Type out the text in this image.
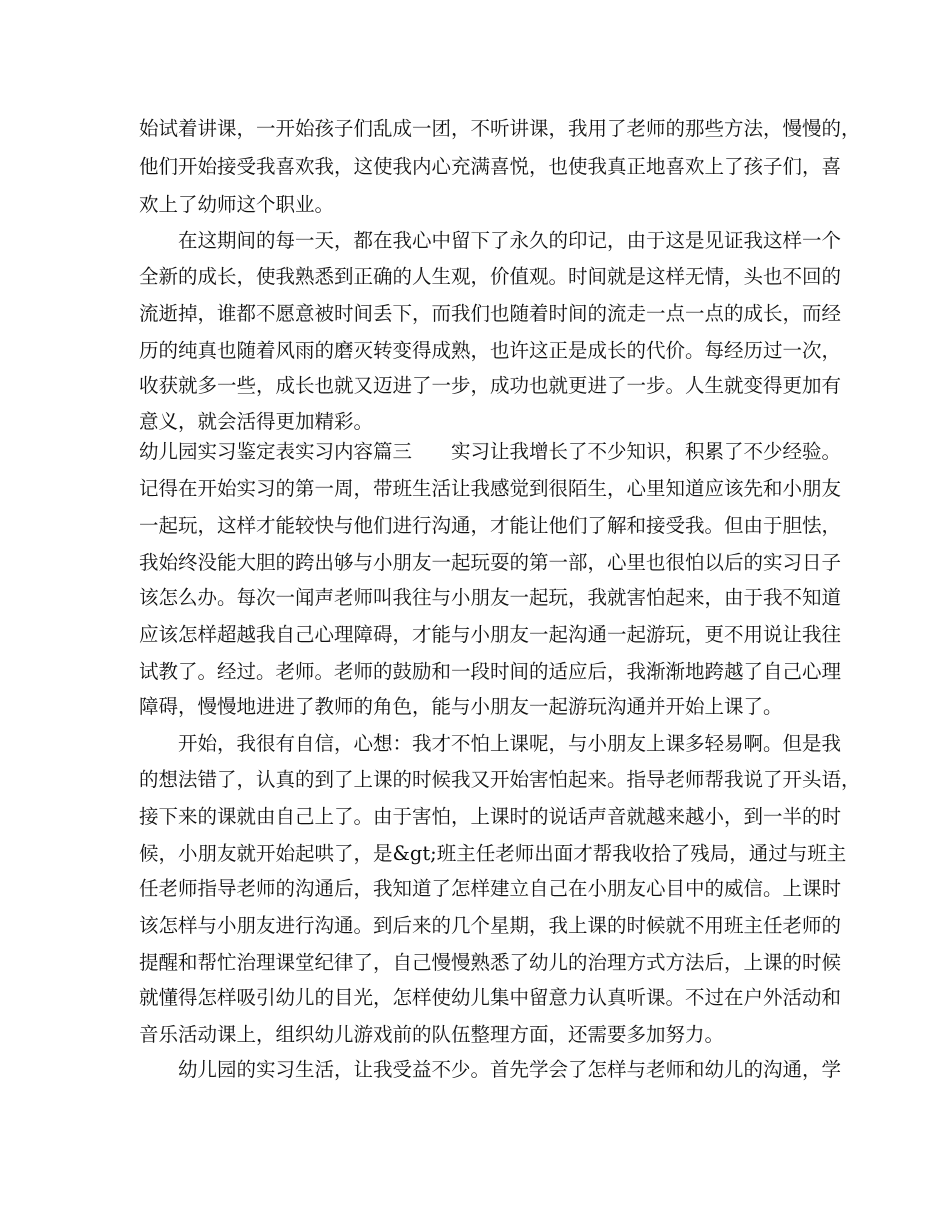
始试着讲课，一开始孩子们乱成一团，不听讲课，我用了老师的那些方法，慢慢的，
他们开始接受我喜欢我，这使我内心充满喜悦，也使我真正地喜欢上了孩子们，喜
欢上了幼师这个职业。
在这期间的每一天，都在我心中留下了永久的印记，由于这是见证我这样一个
全新的成长，使我熟悉到正确的人生观，价值观。时间就是这样无情，头也不回的
流逝掉，谁都不愿意被时间丢下，而我们也随着时间的流走一点一点的成长，而经
历的纯真也随着风雨的磨灭转变得成熟，也许这正是成长的代价。每经历过一次，
收获就多一些，成长也就又迈进了一步，成功也就更进了一步。人生就变得更加有
意义，就会活得更加精彩。
幼儿园实习鉴定表实习内容篇三　　实习让我增长了不少知识，积累了不少经验。
记得在开始实习的第一周，带班生活让我感觉到很陌生，心里知道应该先和小朋友
一起玩，这样才能较快与他们进行沟通，才能让他们了解和接受我。但由于胆怯，
我始终没能大胆的跨出够与小朋友一起玩耍的第一部，心里也很怕以后的实习日子
该怎么办。每次一闻声老师叫我往与小朋友一起玩，我就害怕起来，由于我不知道
应该怎样超越我自己心理障碍，才能与小朋友一起沟通一起游玩，更不用说让我往
试教了。经过。老师。老师的鼓励和一段时间的适应后，我渐渐地跨越了自己心理
障碍，慢慢地进进了教师的角色，能与小朋友一起游玩沟通并开始上课了。
开始，我很有自信，心想：我才不怕上课呢，与小朋友上课多轻易啊。但是我
的想法错了，认真的到了上课的时候我又开始害怕起来。指导老师帮我说了开头语，
接下来的课就由自己上了。由于害怕，上课时的说话声音就越来越小，到一半的时
候，小朋友就开始起哄了，是&gt;班主任老师出面才帮我收拾了残局，通过与班主
任老师指导老师的沟通后，我知道了怎样建立自己在小朋友心目中的威信。上课时
该怎样与小朋友进行沟通。到后来的几个星期，我上课的时候就不用班主任老师的
提醒和帮忙治理课堂纪律了，自己慢慢熟悉了幼儿的治理方式方法后，上课的时候
就懂得怎样吸引幼儿的目光，怎样使幼儿集中留意力认真听课。不过在户外活动和
音乐活动课上，组织幼儿游戏前的队伍整理方面，还需要多加努力。
幼儿园的实习生活，让我受益不少。首先学会了怎样与老师和幼儿的沟通，学
